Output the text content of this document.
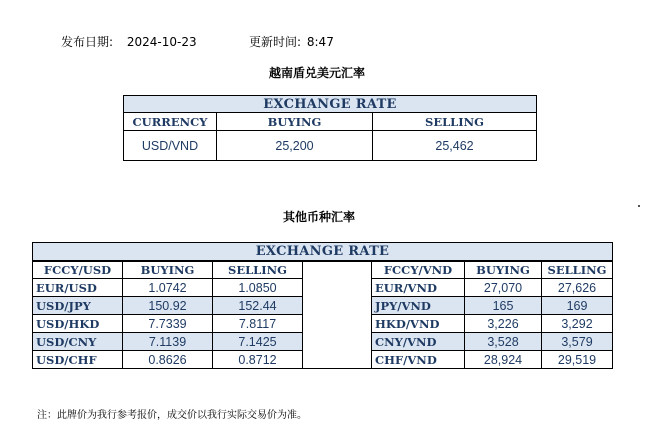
发布日期: 2024-10-23	更新时间: 8:47
越南盾兑美元汇率
EXCHANGE RATE		
CURRENCY	BUYING	SELLING
USD/VND	25,200	25,462
其他币种汇率
EXCHANGE RATE						
FCCY/USD	BUYING	SELLING		FCCY/VND	BUYING	SELLING
EUR/USD	1.0742	1.0850		EUR/VND	27,070	27,626
USD/JPY	150.92	152.44		JPY/VND	165	169
USD/HKD	7.7339	7.8117		HKD/VND	3,226	3,292
USD/CNY	7.1139	7.1425		CNY/VND	3,528	3,579
USD/CHF	0.8626	0.8712		CHF/VND	28,924	29,519
注：此牌价为我行参考报价，成交价以我行实际交易价为准。
